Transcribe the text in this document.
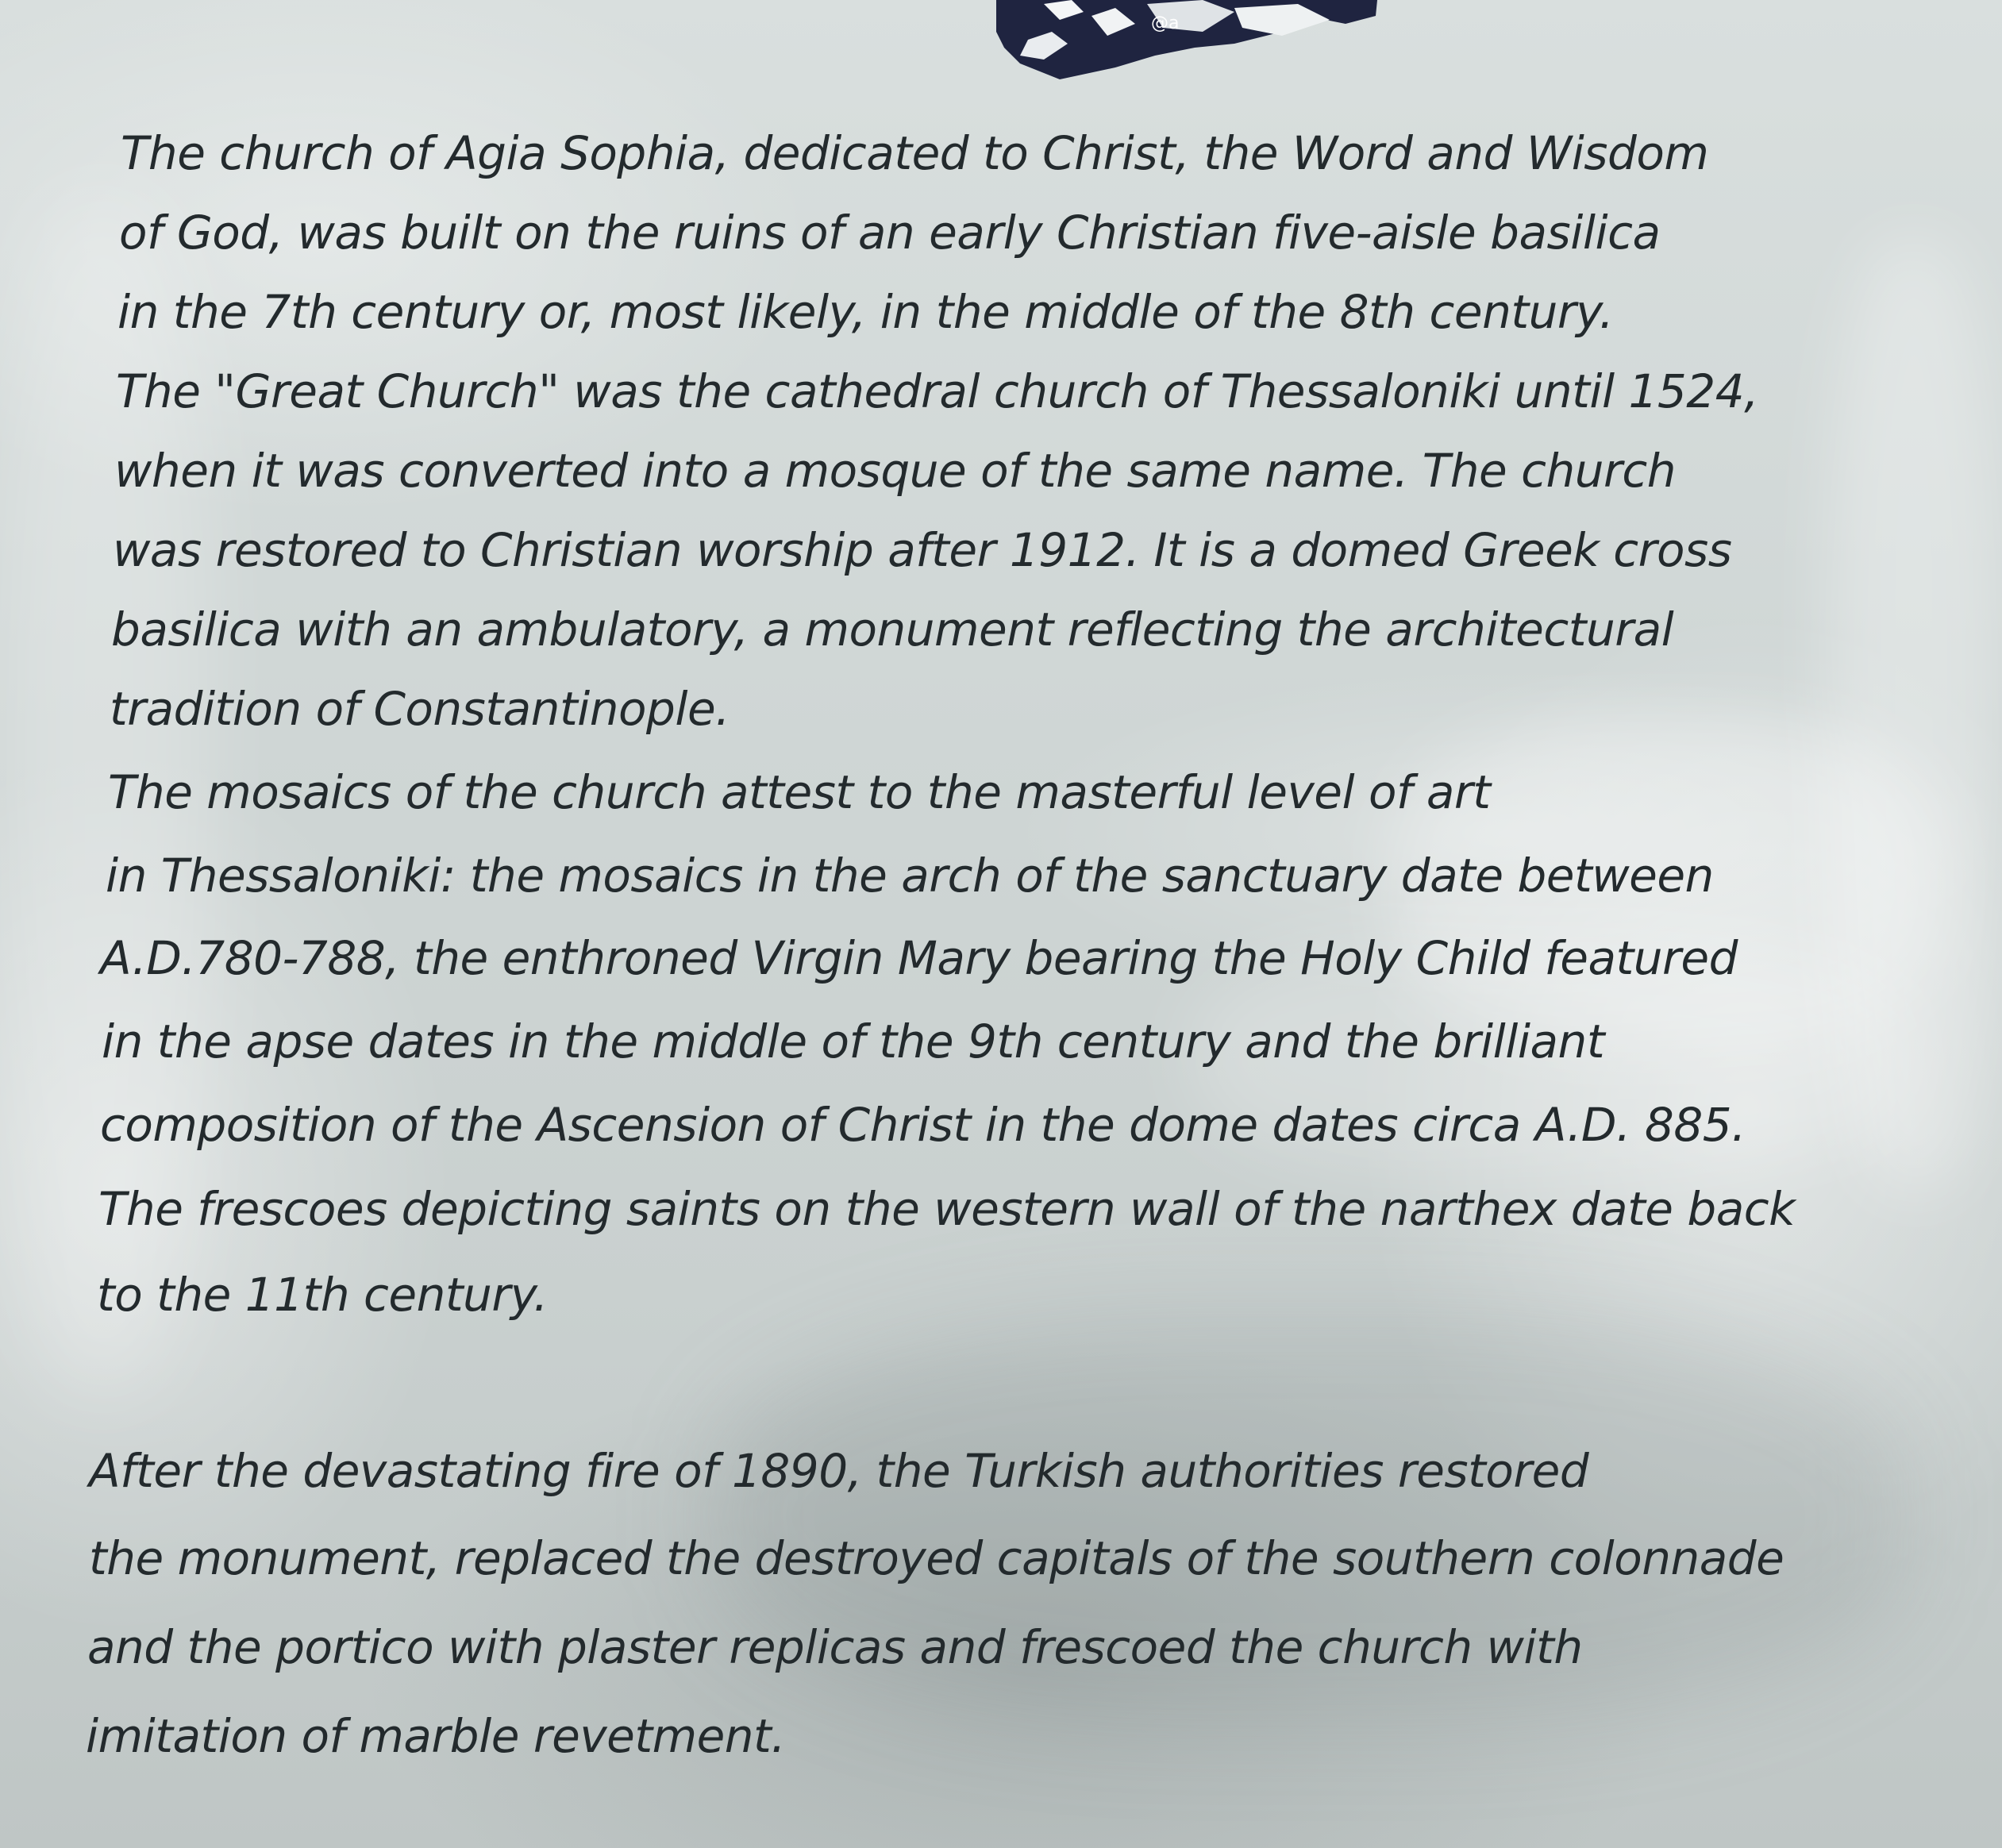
@a
The church of Agia Sophia, dedicated to Christ, the Word and Wisdom
of God, was built on the ruins of an early Christian five-aisle basilica
in the 7th century or, most likely, in the middle of the 8th century.
The "Great Church" was the cathedral church of Thessaloniki until 1524,
when it was converted into a mosque of the same name. The church
was restored to Christian worship after 1912. It is a domed Greek cross
basilica with an ambulatory, a monument reflecting the architectural
tradition of Constantinople.
The mosaics of the church attest to the masterful level of art
in Thessaloniki: the mosaics in the arch of the sanctuary date between
A.D.780-788, the enthroned Virgin Mary bearing the Holy Child featured
in the apse dates in the middle of the 9th century and the brilliant
composition of the Ascension of Christ in the dome dates circa A.D. 885.
The frescoes depicting saints on the western wall of the narthex date back
to the 11th century.
After the devastating fire of 1890, the Turkish authorities restored
the monument, replaced the destroyed capitals of the southern colonnade
and the portico with plaster replicas and frescoed the church with
imitation of marble revetment.
